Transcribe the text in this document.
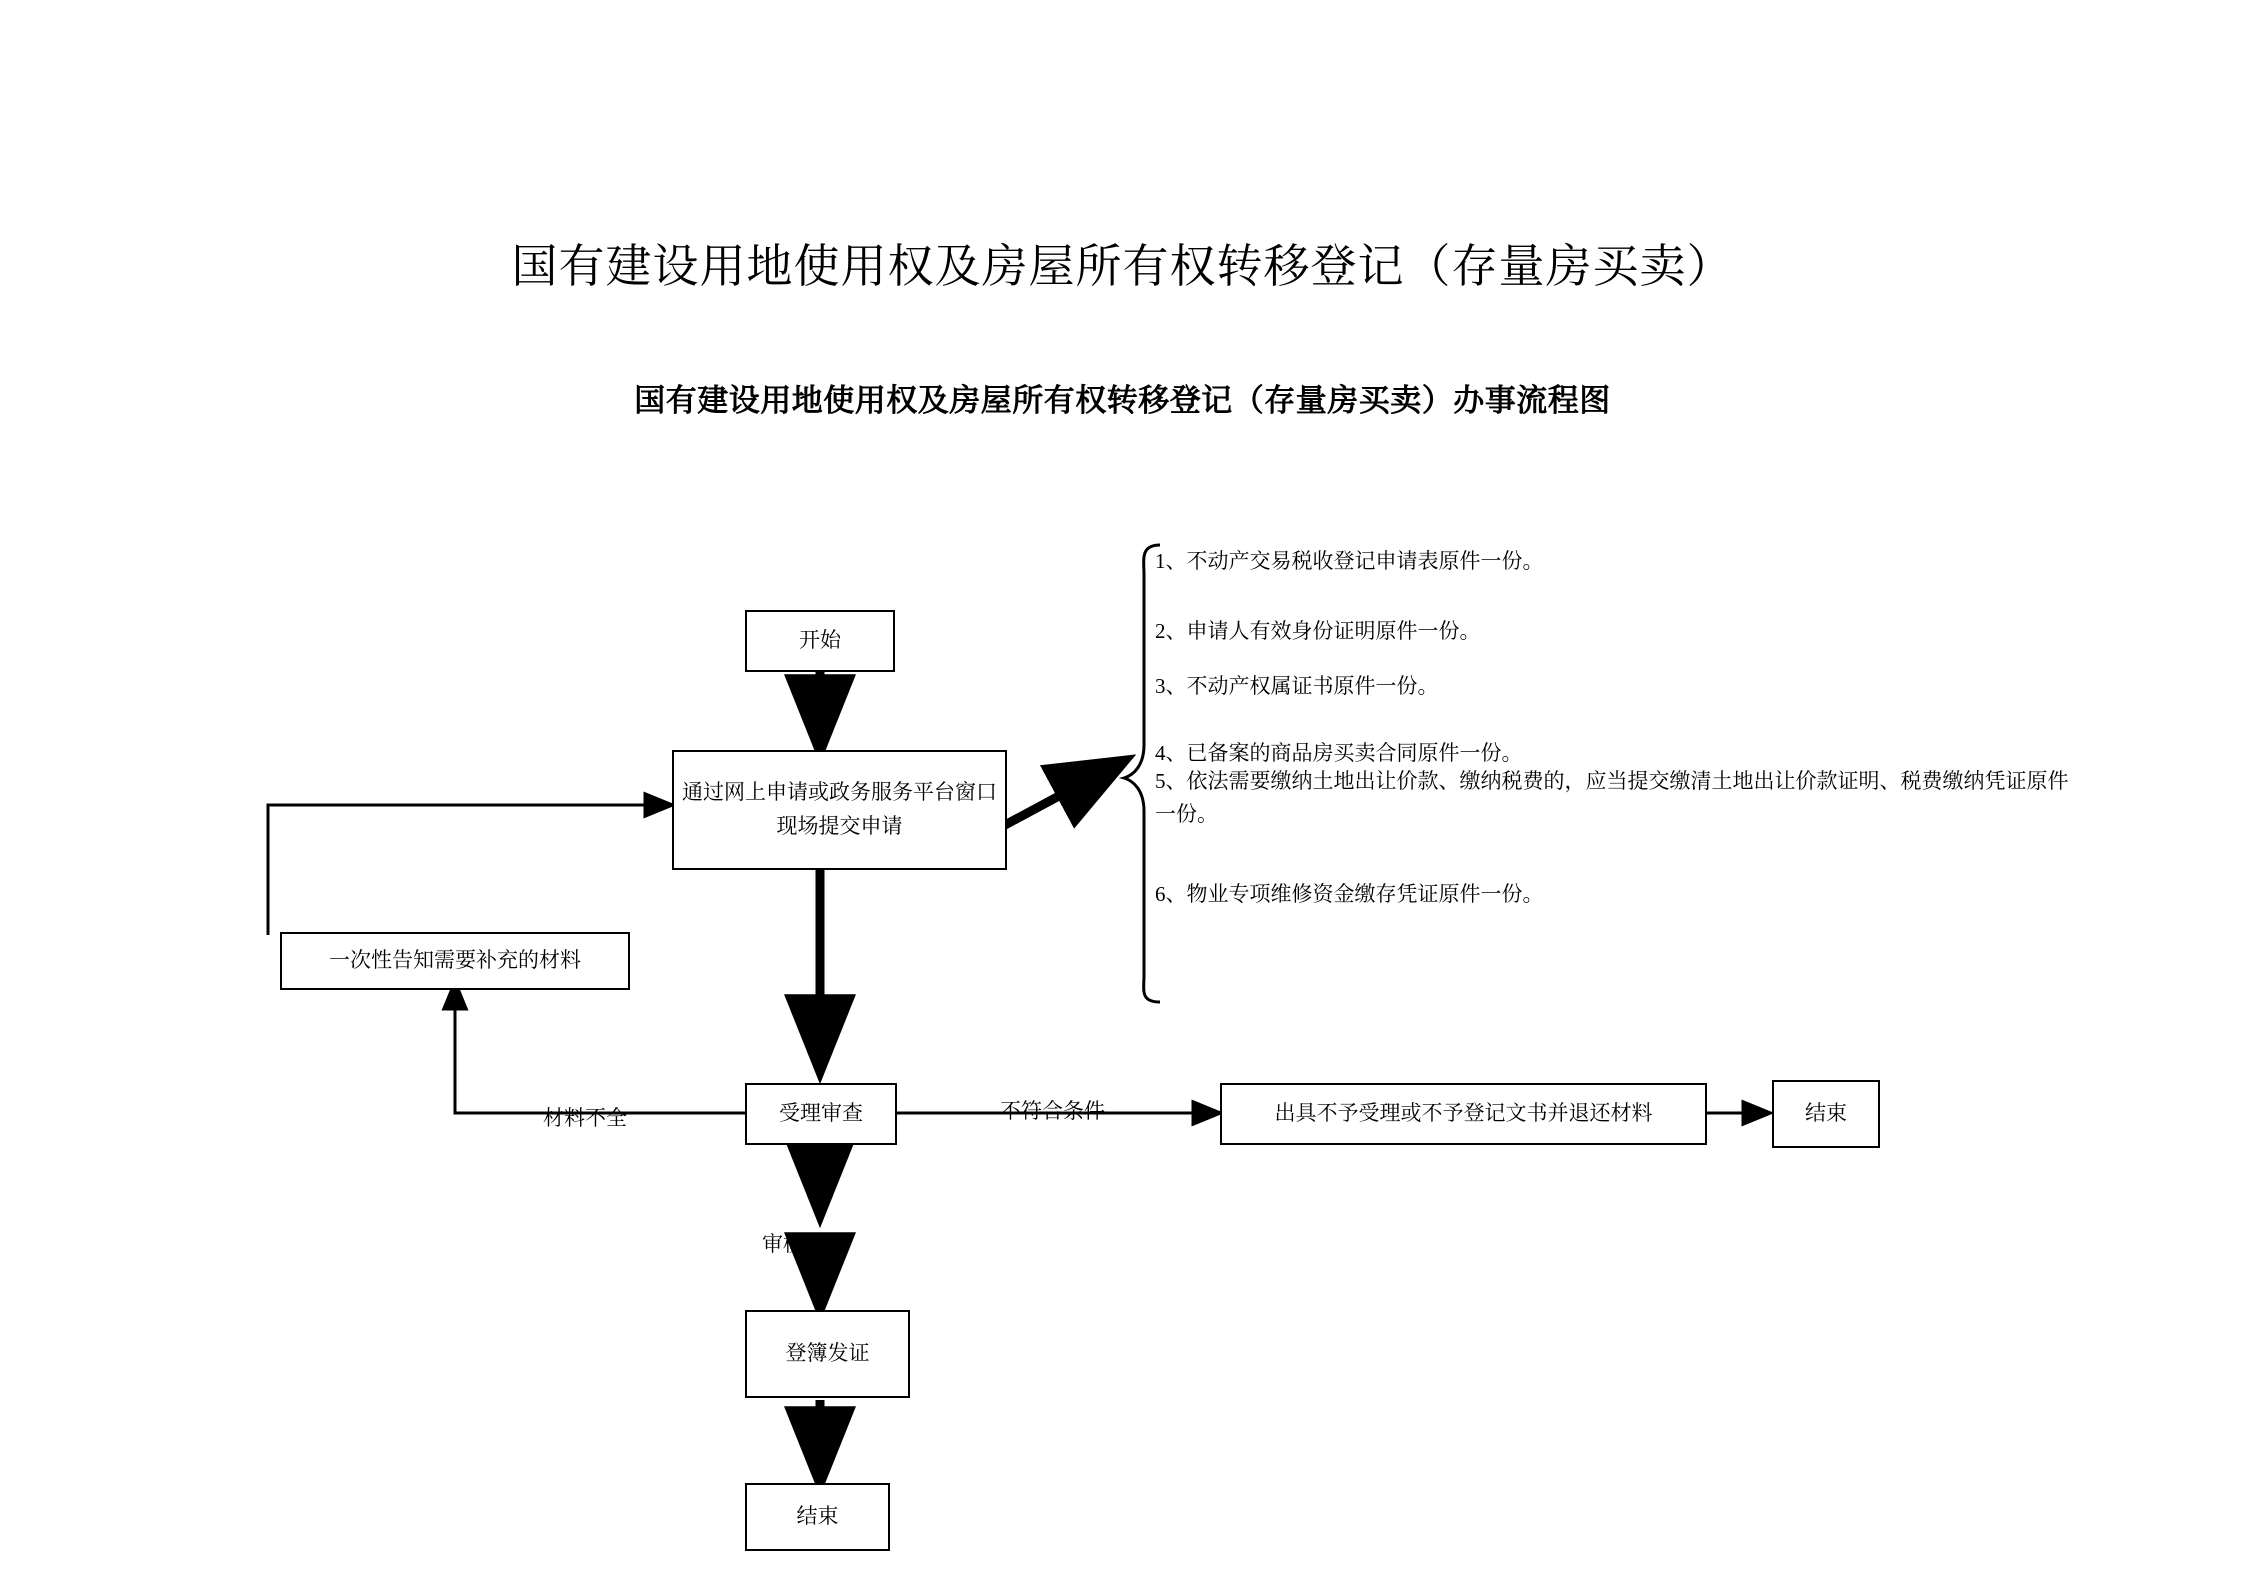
国有建设用地使用权及房屋所有权转移登记（存量房买卖）
国有建设用地使用权及房屋所有权转移登记（存量房买卖）办事流程图
开始
通过网上申请或政务服务平台窗口现场提交申请
一次性告知需要补充的材料
受理审查	出具不予受理或不予登记文书并退还材料	结束
登簿发证
结束
材料不全	不符合条件
审核通过
1、不动产交易税收登记申请表原件一份。
2、申请人有效身份证明原件一份。
3、不动产权属证书原件一份。
4、已备案的商品房买卖合同原件一份。
5、依法需要缴纳土地出让价款、缴纳税费的，应当提交缴清土地出让价款证明、税费缴纳凭证原件一份。
6、物业专项维修资金缴存凭证原件一份。
